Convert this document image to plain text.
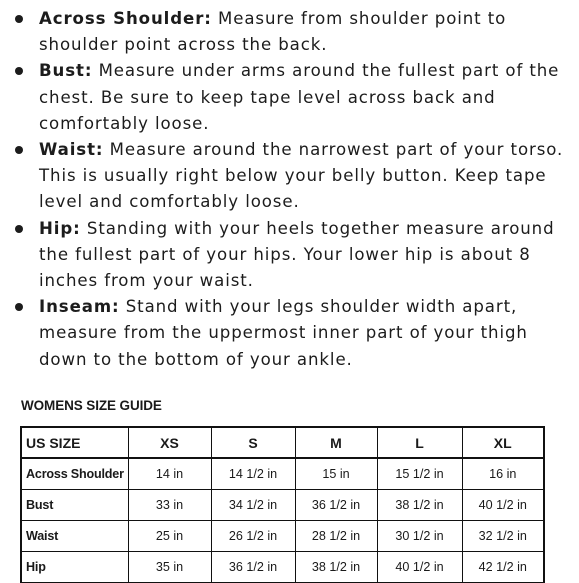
Across Shoulder: Measure from shoulder point to shoulder point across the back.
Bust: Measure under arms around the fullest part of the chest. Be sure to keep tape level across back and comfortably loose.
Waist: Measure around the narrowest part of your torso. This is usually right below your belly button. Keep tape level and comfortably loose.
Hip: Standing with your heels together measure around the fullest part of your hips. Your lower hip is about 8 inches from your waist.
Inseam: Stand with your legs shoulder width apart, measure from the uppermost inner part of your thigh down to the bottom of your ankle.
WOMENS SIZE GUIDE
US SIZE	XS	S	M	L	XL
Across Shoulder	14 in	14 1/2 in	15 in	15 1/2 in	16 in
Bust	33 in	34 1/2 in	36 1/2 in	38 1/2 in	40 1/2 in
Waist	25 in	26 1/2 in	28 1/2 in	30 1/2 in	32 1/2 in
Hip	35 in	36 1/2 in	38 1/2 in	40 1/2 in	42 1/2 in
